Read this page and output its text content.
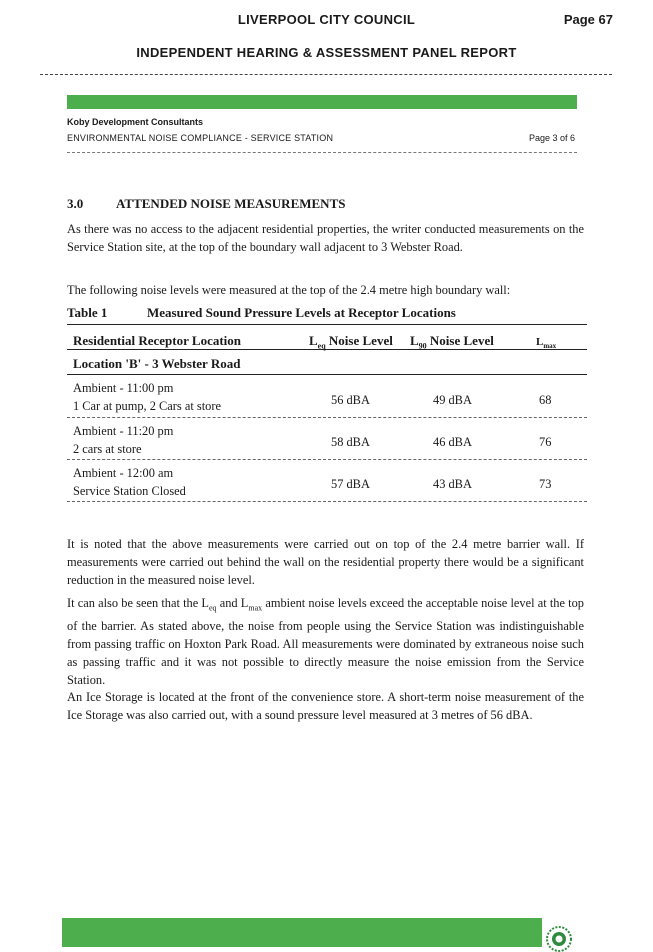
LIVERPOOL CITY COUNCIL	Page 67
INDEPENDENT HEARING & ASSESSMENT PANEL REPORT
Koby Development Consultants
ENVIRONMENTAL NOISE COMPLIANCE - SERVICE STATION	Page 3 of 6
3.0	ATTENDED NOISE MEASUREMENTS
As there was no access to the adjacent residential properties, the writer conducted measurements on the Service Station site, at the top of the boundary wall adjacent to 3 Webster Road.
The following noise levels were measured at the top of the 2.4 metre high boundary wall:
Table 1	Measured Sound Pressure Levels at Receptor Locations
Residential Receptor Location	$L_{eq}$ Noise Level $L_{90}$ Noise Level	$L_{max}$
Location 'B' - 3 Webster Road
Ambient - 11:00 pm
1 Car at pump, 2 Cars at store	56 dBA	49 dBA	68
Ambient - 11:20 pm
2 cars at store	58 dBA	46 dBA	76
Ambient - 12:00 am
Service Station Closed	57 dBA	43 dBA	73
It is noted that the above measurements were carried out on top of the 2.4 metre barrier wall. If measurements were carried out behind the wall on the residential property there would be a significant reduction in the measured noise level.
It can also be seen that the $L_{eq}$ and $L_{max}$ ambient noise levels exceed the acceptable noise level at the top of the barrier. As stated above, the noise from people using the Service Station was indistinguishable from passing traffic on Hoxton Park Road. All measurements were dominated by extraneous noise such as passing traffic and it was not possible to directly measure the noise emission from the Service Station.
An Ice Storage is located at the front of the convenience store. A short-term noise measurement of the Ice Storage was also carried out, with a sound pressure level measured at 3 metres of 56 dBA.
